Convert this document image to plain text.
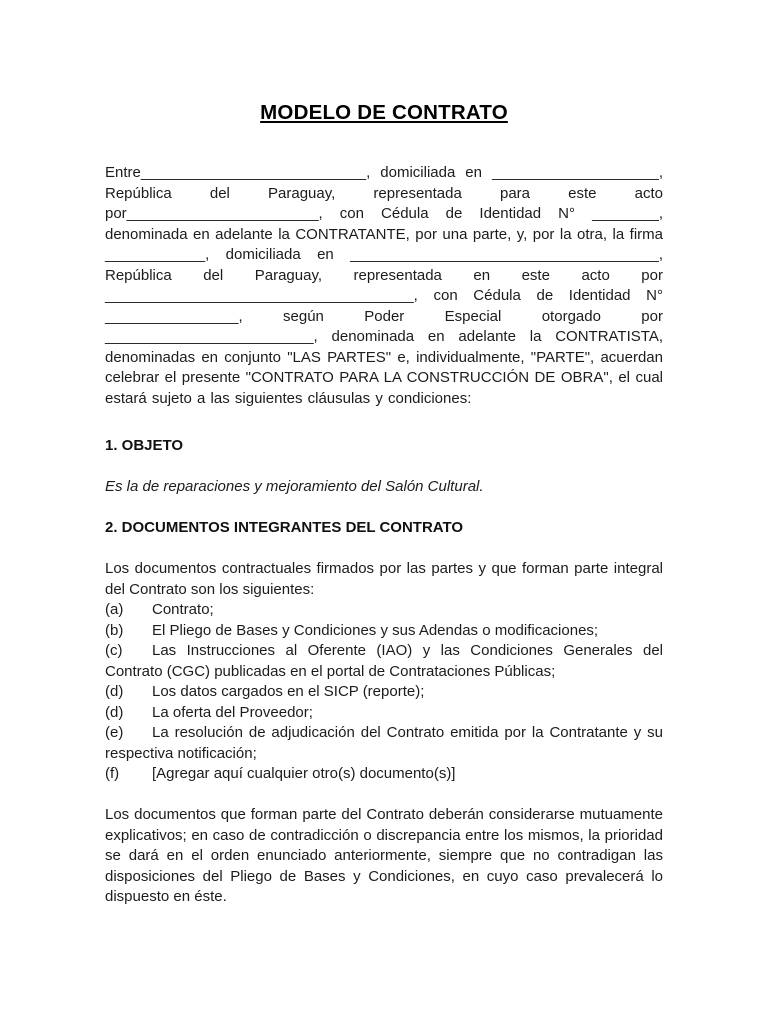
MODELO DE CONTRATO

Entre___________________________, domiciliada en ____________________, República del Paraguay, representada para este acto por_______________________, con Cédula de Identidad N° ________, denominada en adelante la CONTRATANTE, por una parte, y, por la otra, la firma ____________, domiciliada en _____________________________________, República del Paraguay, representada en este acto por _____________________________________, con Cédula de Identidad N° ________________, según Poder Especial otorgado por _________________________, denominada en adelante la CONTRATISTA, denominadas en conjunto "LAS PARTES" e, individualmente, "PARTE", acuerdan celebrar el presente "CONTRATO PARA LA CONSTRUCCIÓN DE OBRA", el cual estará sujeto a las siguientes cláusulas y condiciones:

1. OBJETO

Es la de reparaciones y mejoramiento del Salón Cultural.

2. DOCUMENTOS INTEGRANTES DEL CONTRATO

Los documentos contractuales firmados por las partes y que forman parte integral del Contrato son los siguientes:

(a) Contrato;
(b) El Pliego de Bases y Condiciones y sus Adendas o modificaciones;
(c) Las Instrucciones al Oferente (IAO) y las Condiciones Generales del Contrato (CGC) publicadas en el portal de Contrataciones Públicas;
(d) Los datos cargados en el SICP (reporte);
(d) La oferta del Proveedor;
(e) La resolución de adjudicación del Contrato emitida por la Contratante y su respectiva notificación;
(f) [Agregar aquí cualquier otro(s) documento(s)]

Los documentos que forman parte del Contrato deberán considerarse mutuamente explicativos; en caso de contradicción o discrepancia entre los mismos, la prioridad se dará en el orden enunciado anteriormente, siempre que no contradigan las disposiciones del Pliego de Bases y Condiciones, en cuyo caso prevalecerá lo dispuesto en éste.
